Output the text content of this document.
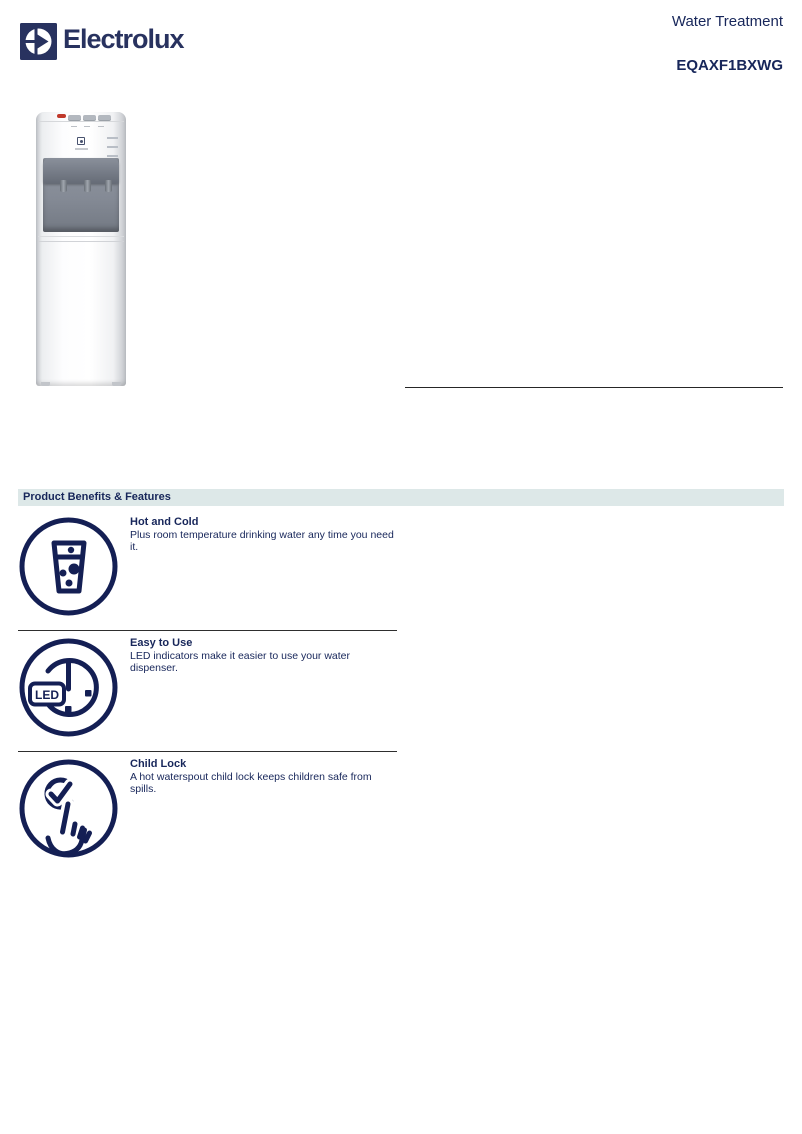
Electrolux
Water Treatment
EQAXF1BXWG
Product Benefits & Features
Hot and Cold
Plus room temperature drinking water any time you need it.
LED
Easy to Use
LED indicators make it easier to use your water dispenser.
Child Lock
A hot waterspout child lock keeps children safe from spills.
